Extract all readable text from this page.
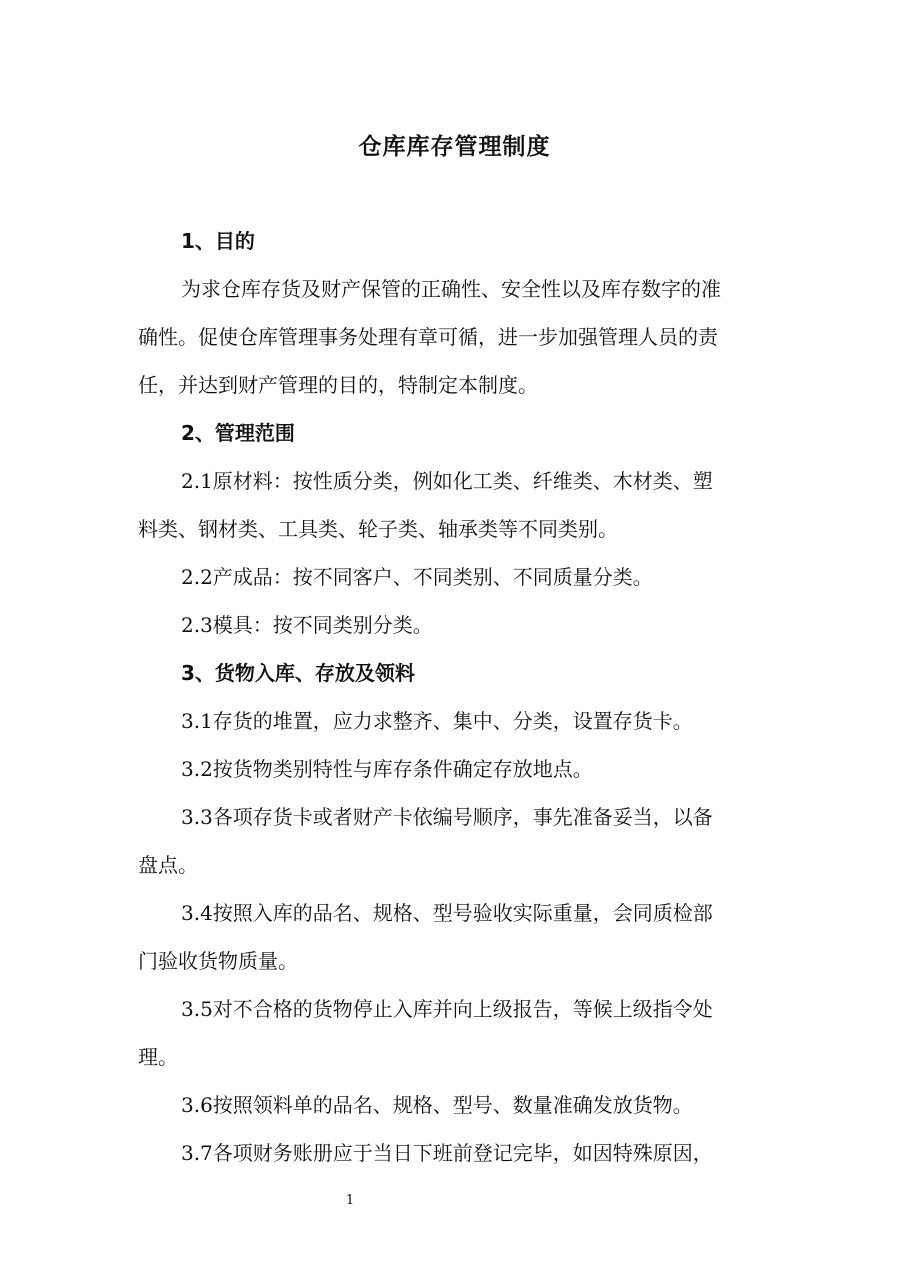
仓库库存管理制度
1、目的
为求仓库存货及财产保管的正确性、安全性以及库存数字的准
确性。促使仓库管理事务处理有章可循，进一步加强管理人员的责
任，并达到财产管理的目的，特制定本制度。
2、管理范围
2.1原材料：按性质分类，例如化工类、纤维类、木材类、塑
料类、钢材类、工具类、轮子类、轴承类等不同类别。
2.2产成品：按不同客户、不同类别、不同质量分类。
2.3模具：按不同类别分类。
3、货物入库、存放及领料
3.1存货的堆置，应力求整齐、集中、分类，设置存货卡。
3.2按货物类别特性与库存条件确定存放地点。
3.3各项存货卡或者财产卡依编号顺序，事先准备妥当，以备
盘点。
3.4按照入库的品名、规格、型号验收实际重量，会同质检部
门验收货物质量。
3.5对不合格的货物停止入库并向上级报告，等候上级指令处
理。
3.6按照领料单的品名、规格、型号、数量准确发放货物。
3.7各项财务账册应于当日下班前登记完毕，如因特殊原因，
1
